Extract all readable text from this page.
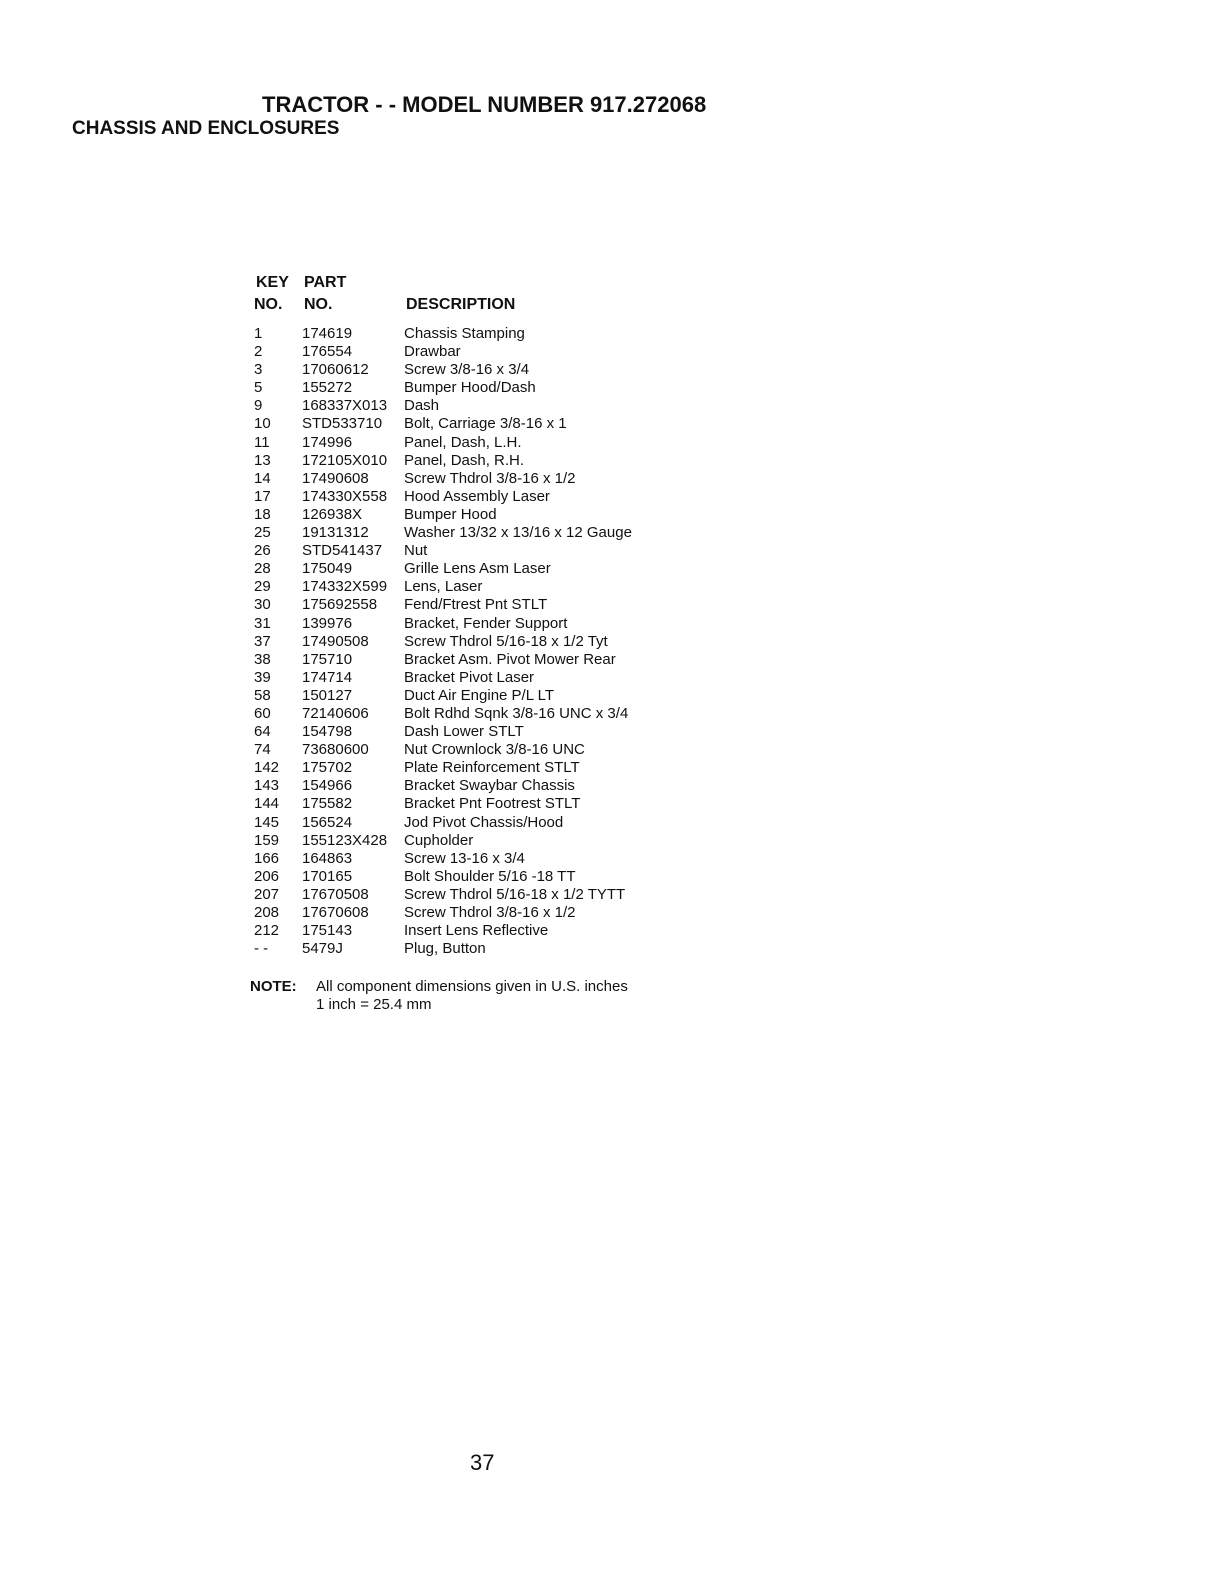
TRACTOR - - MODEL NUMBER 917.272068
CHASSIS AND ENCLOSURES
KEY PART
NO. NO.	DESCRIPTION
1	174619	Chassis Stamping
2	176554	Drawbar
3	17060612 Screw 3/8-16 x 3/4
5	155272	Bumper Hood/Dash
9	168337X013 Dash
10 STD533710 Bolt, Carriage 3/8-16 x 1
11 174996	Panel, Dash, L.H.
13 172105X010 Panel, Dash, R.H.
14 17490608 Screw Thdrol 3/8-16 x 1/2
17 174330X558 Hood Assembly Laser
18 126938X	Bumper Hood
25 19131312 Washer 13/32 x 13/16 x 12 Gauge
26 STD541437 Nut
28 175049	Grille Lens Asm Laser
29 174332X599 Lens, Laser
30 175692558 Fend/Ftrest Pnt STLT
31 139976	Bracket, Fender Support
37 17490508 Screw Thdrol 5/16-18 x 1/2 Tyt
38 175710	Bracket Asm. Pivot Mower Rear
39 174714	Bracket Pivot Laser
58 150127	Duct Air Engine P/L LT
60 72140606 Bolt Rdhd Sqnk 3/8-16 UNC x 3/4
64 154798	Dash Lower STLT
74 73680600 Nut Crownlock 3/8-16 UNC
142 175702	Plate Reinforcement STLT
143 154966	Bracket Swaybar Chassis
144 175582	Bracket Pnt Footrest STLT
145 156524	Jod Pivot Chassis/Hood
159 155123X428 Cupholder
166 164863	Screw 13-16 x 3/4
206 170165	Bolt Shoulder 5/16 -18 TT
207 17670508 Screw Thdrol 5/16-18 x 1/2 TYTT
208 17670608 Screw Thdrol 3/8-16 x 1/2
212 175143	Insert Lens Reflective
- - 5479J	Plug, Button
NOTE: All component dimensions given in U.S. inches
1 inch = 25.4 mm
37
